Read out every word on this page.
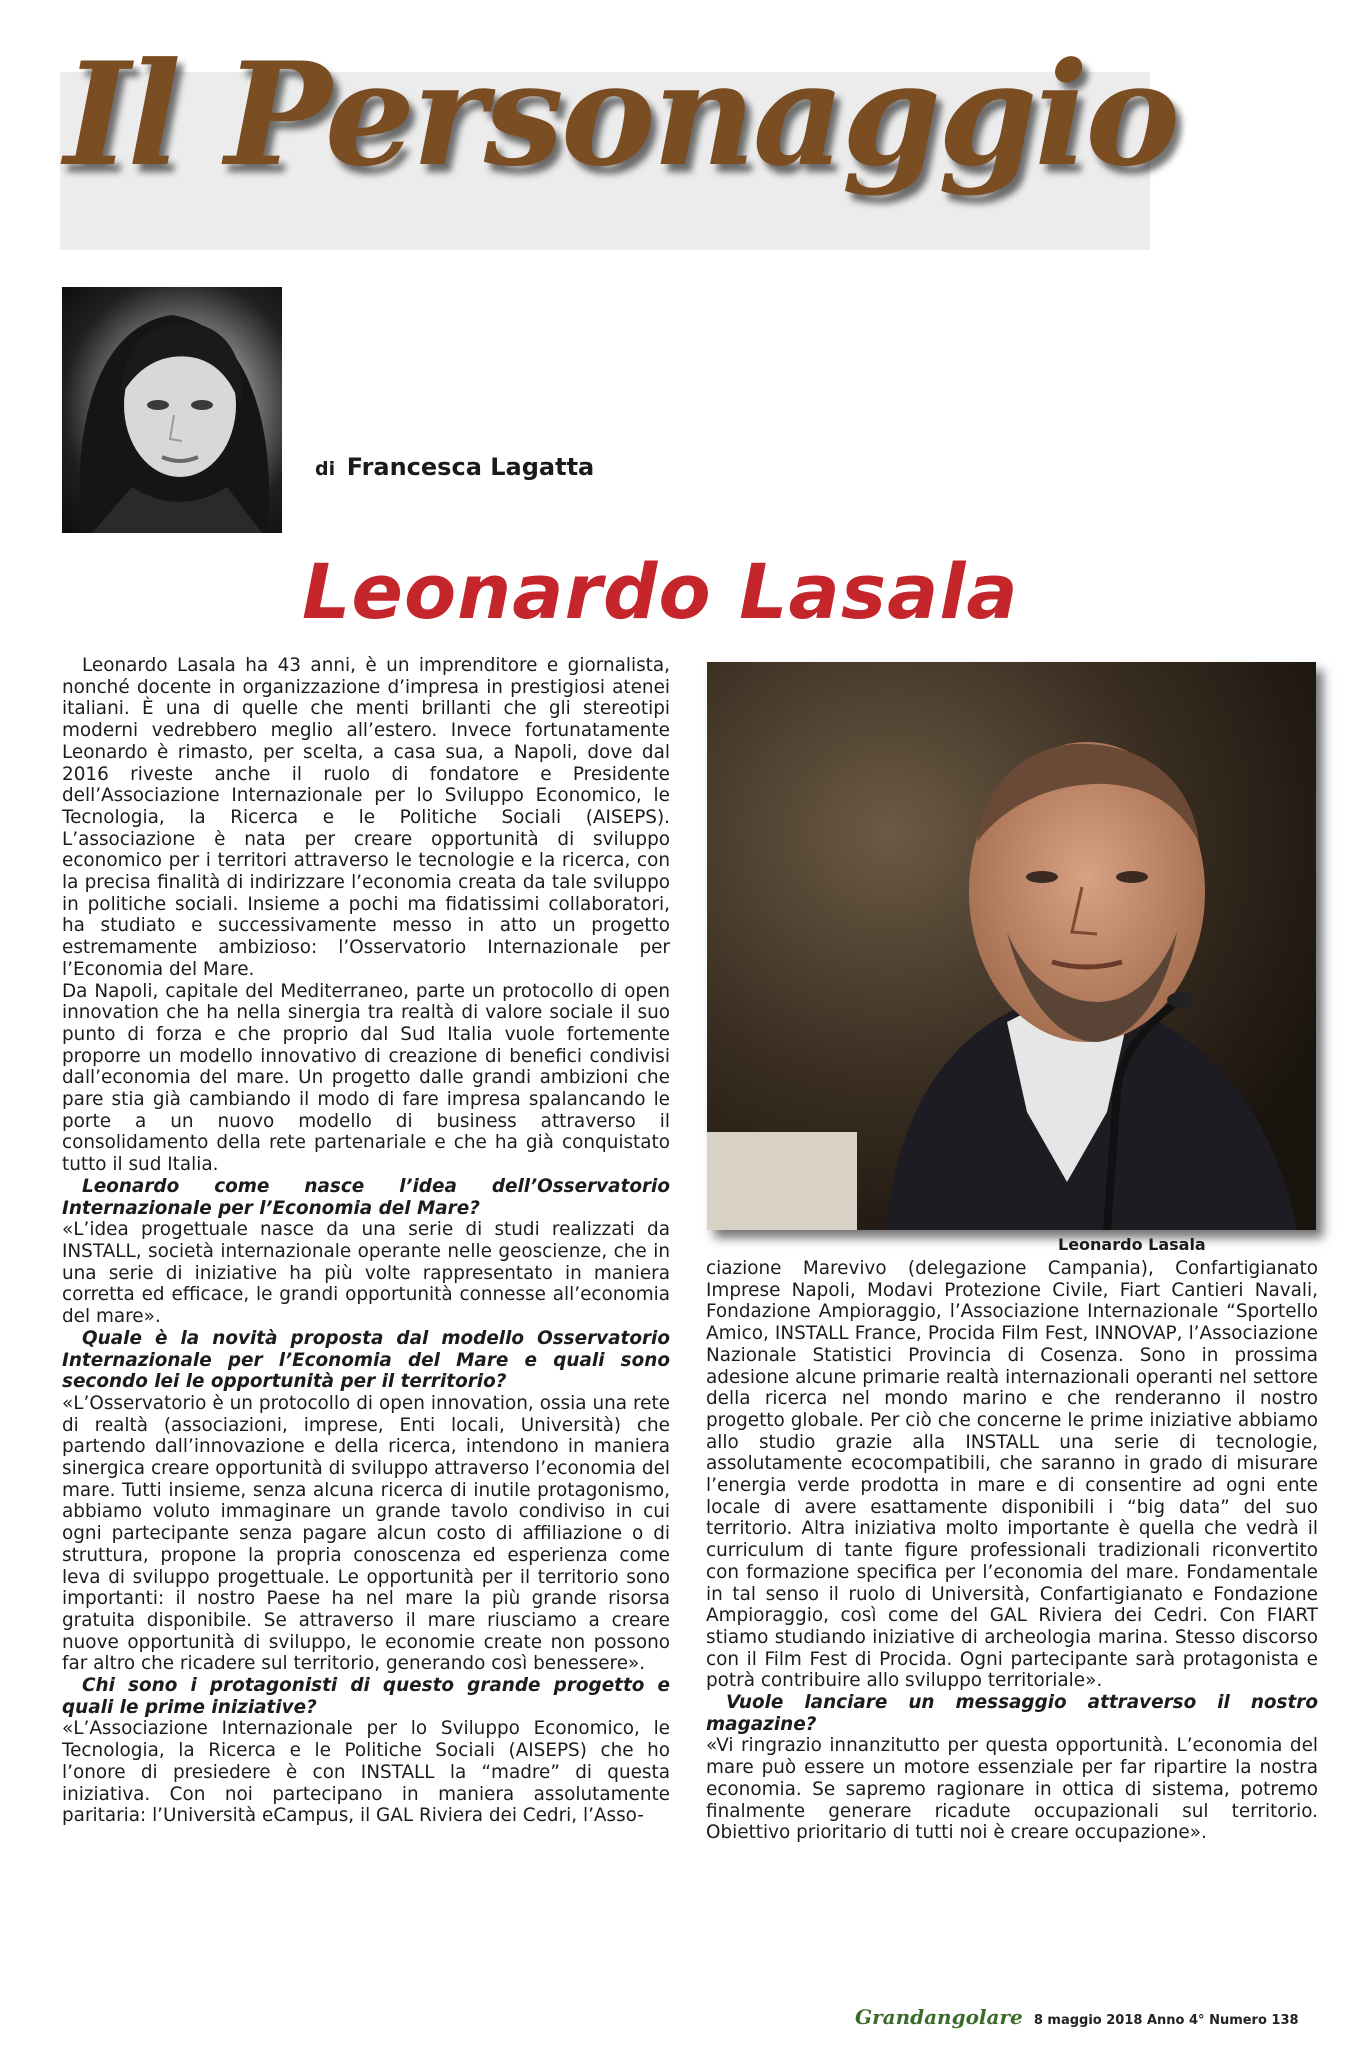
Il Personaggio
di Francesca Lagatta
Leonardo Lasala

Leonardo Lasala ha 43 anni, è un imprenditore e giornalista, nonché docente in organizzazione d’impresa in prestigiosi atenei italiani. È una di quelle che menti brillanti che gli stereotipi moderni vedrebbero meglio all’estero. Invece fortunatamente Leonardo è rimasto, per scelta, a casa sua, a Napoli, dove dal 2016 riveste anche il ruolo di fondatore e Presidente dell’Associazione Internazionale per lo Sviluppo Economico, le Tecnologia, la Ricerca e le Politiche Sociali (AISEPS). L’associazione è nata per creare opportunità di sviluppo economico per i territori attraverso le tecnologie e la ricerca, con la precisa finalità di indirizzare l’economia creata da tale sviluppo in politiche sociali. Insieme a pochi ma fidatissimi collaboratori, ha studiato e successivamente messo in atto un progetto estremamente ambizioso: l’Osservatorio Internazionale per l’Economia del Mare.

Da Napoli, capitale del Mediterraneo, parte un protocollo di open innovation che ha nella sinergia tra realtà di valore sociale il suo punto di forza e che proprio dal Sud Italia vuole fortemente proporre un modello innovativo di creazione di benefici condivisi dall’economia del mare. Un progetto dalle grandi ambizioni che pare stia già cambiando il modo di fare impresa spalancando le porte a un nuovo modello di business attraverso il consolidamento della rete partenariale e che ha già conquistato tutto il sud Italia.

Leonardo come nasce l’idea dell’Osservatorio Internazionale per l’Economia del Mare?

«L’idea progettuale nasce da una serie di studi realizzati da INSTALL, società internazionale operante nelle geoscienze, che in una serie di iniziative ha più volte rappresentato in maniera corretta ed efficace, le grandi opportunità connesse all’economia del mare».

Quale è la novità proposta dal modello Osservatorio Internazionale per l’Economia del Mare e quali sono secondo lei le opportunità per il territorio?

«L’Osservatorio è un protocollo di open innovation, ossia una rete di realtà (associazioni, imprese, Enti locali, Università) che partendo dall’innovazione e della ricerca, intendono in maniera sinergica creare opportunità di sviluppo attraverso l’economia del mare. Tutti insieme, senza alcuna ricerca di inutile protagonismo, abbiamo voluto immaginare un grande tavolo condiviso in cui ogni partecipante senza pagare alcun costo di affiliazione o di struttura, propone la propria conoscenza ed esperienza come leva di sviluppo progettuale. Le opportunità per il territorio sono importanti: il nostro Paese ha nel mare la più grande risorsa gratuita disponibile. Se attraverso il mare riusciamo a creare nuove opportunità di sviluppo, le economie create non possono far altro che ricadere sul territorio, generando così benessere».

Chi sono i protagonisti di questo grande progetto e quali le prime iniziative?

«L’Associazione Internazionale per lo Sviluppo Economico, le Tecnologia, la Ricerca e le Politiche Sociali (AISEPS) che ho l’onore di presiedere è con INSTALL la “madre” di questa iniziativa. Con noi partecipano in maniera assolutamente paritaria: l’Università eCampus, il GAL Riviera dei Cedri, l’Asso-

Leonardo Lasala

ciazione Marevivo (delegazione Campania), Confartigianato Imprese Napoli, Modavi Protezione Civile, Fiart Cantieri Navali, Fondazione Ampioraggio, l’Associazione Internazionale “Sportello Amico, INSTALL France, Procida Film Fest, INNOVAP, l’Associazione Nazionale Statistici Provincia di Cosenza. Sono in prossima adesione alcune primarie realtà internazionali operanti nel settore della ricerca nel mondo marino e che renderanno il nostro progetto globale. Per ciò che concerne le prime iniziative abbiamo allo studio grazie alla INSTALL una serie di tecnologie, assolutamente ecocompatibili, che saranno in grado di misurare l’energia verde prodotta in mare e di consentire ad ogni ente locale di avere esattamente disponibili i “big data” del suo territorio. Altra iniziativa molto importante è quella che vedrà il curriculum di tante figure professionali tradizionali riconvertito con formazione specifica per l’economia del mare. Fondamentale in tal senso il ruolo di Università, Confartigianato e Fondazione Ampioraggio, così come del GAL Riviera dei Cedri. Con FIART stiamo studiando iniziative di archeologia marina. Stesso discorso con il Film Fest di Procida. Ogni partecipante sarà protagonista e potrà contribuire allo sviluppo territoriale».

Vuole lanciare un messaggio attraverso il nostro magazine?

«Vi ringrazio innanzitutto per questa opportunità. L’economia del mare può essere un motore essenziale per far ripartire la nostra economia. Se sapremo ragionare in ottica di sistema, potremo finalmente generare ricadute occupazionali sul territorio. Obiettivo prioritario di tutti noi è creare occupazione».

Grandangolare 8 maggio 2018 Anno 4° Numero 138
